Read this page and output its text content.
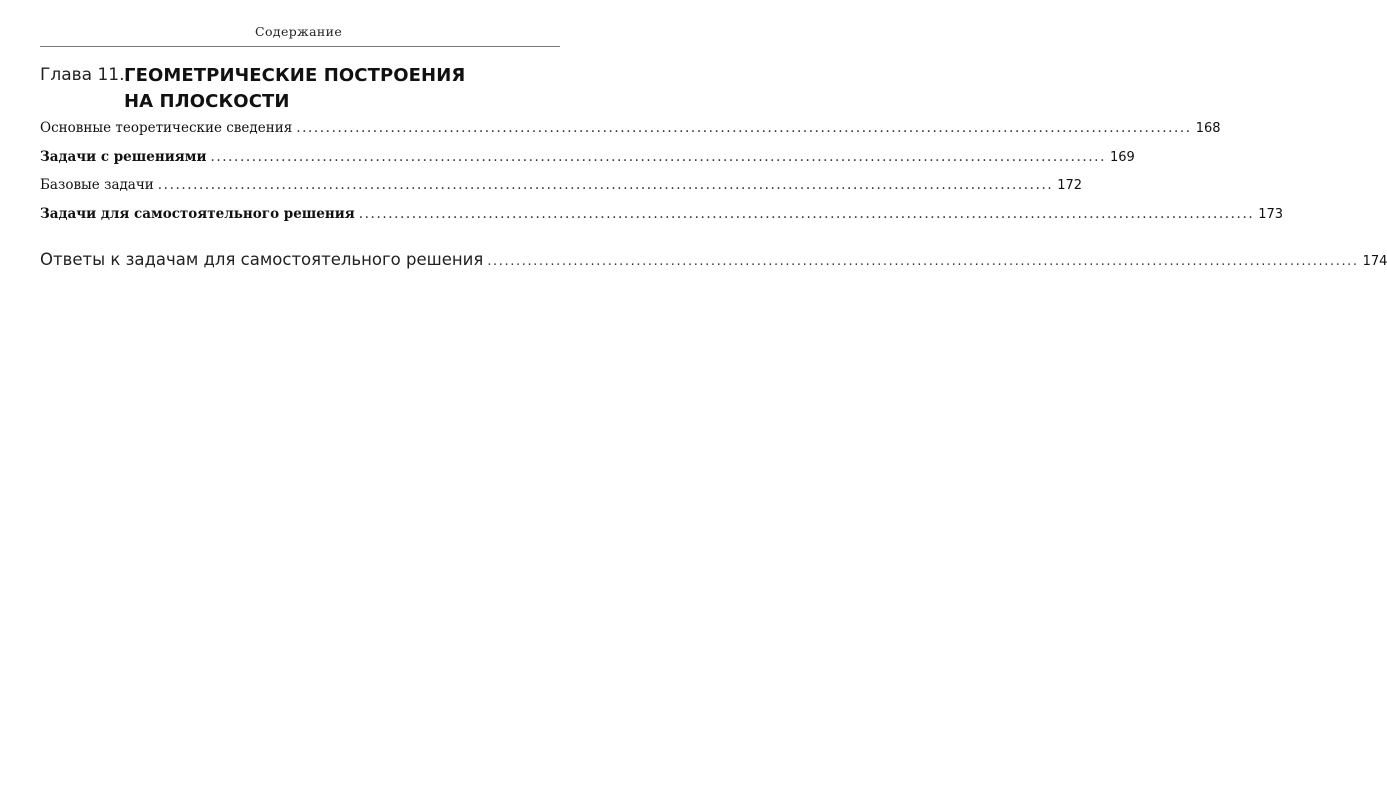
Содержание
Глава 11. ГЕОМЕТРИЧЕСКИЕ ПОСТРОЕНИЯ
НА ПЛОСКОСТИ
Основные теоретические сведения ........................................................................................................................................................ 168
Задачи с решениями ........................................................................................................................................................ 169
Базовые задачи ........................................................................................................................................................ 172
Задачи для самостоятельного решения ........................................................................................................................................................ 173
Ответы к задачам для самостоятельного решения ........................................................................................................................................................ 174
